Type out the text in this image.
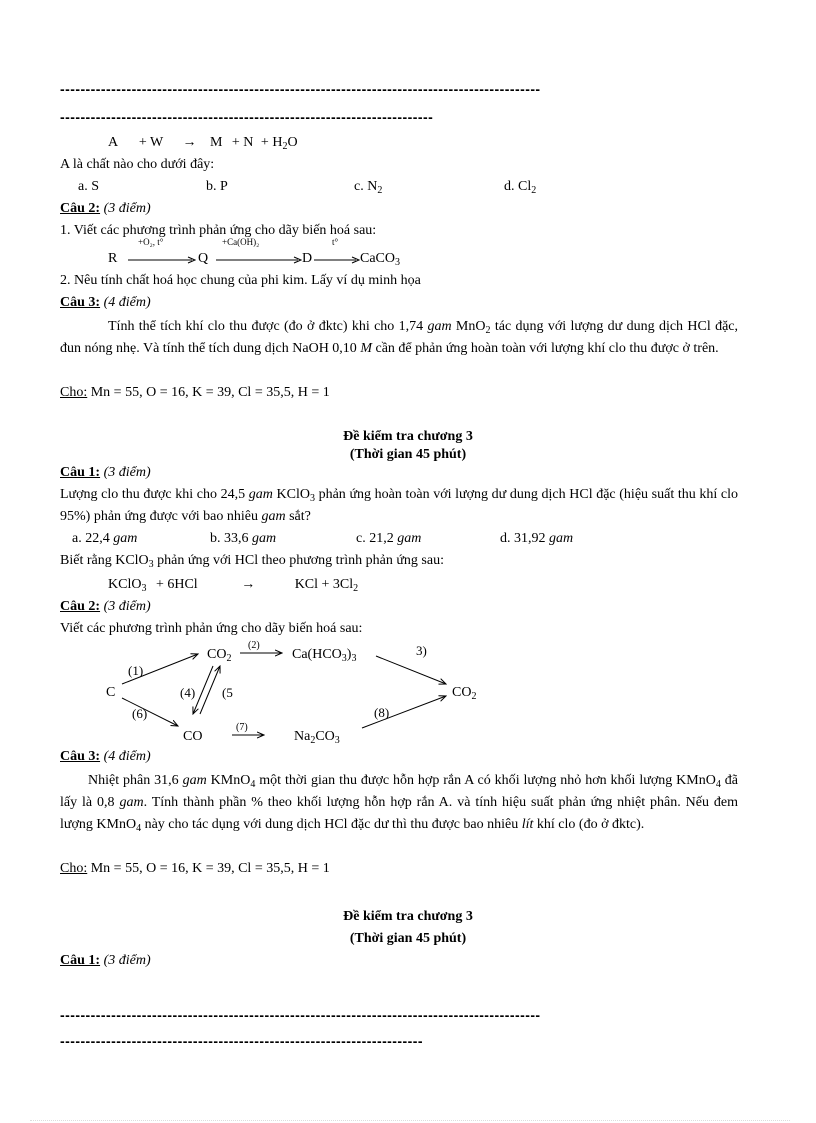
----------------------------------------------------------------------------------------------
-------------------------------------------------------------------------
$A + W \to M + N + H_2O$
A là chất nào cho dưới đây:
a. S	b. P	c. $N_2$	d. $Cl_2$
Câu 2: (3 điểm)
1. Viết các phương trình phản ứng cho dãy biến hoá sau:
R
+O₂, t°
Q
+Ca(OH)₂
D
t°
CaCO$_3$
2. Nêu tính chất hoá học chung của phi kim. Lấy ví dụ minh họa
Câu 3: (4 điểm)
Tính thể tích khí clo thu được (đo ở đktc) khi cho 1,74 gam MnO$_2$ tác dụng với lượng dư dung dịch HCl đặc, đun nóng nhẹ. Và tính thể tích dung dịch NaOH 0,10 M cần để phản ứng hoàn toàn với lượng khí clo thu được ở trên.
Cho: Mn = 55, O = 16, K = 39, Cl = 35,5, H = 1
Đề kiểm tra chương 3
(Thời gian 45 phút)
Câu 1: (3 điểm)
Lượng clo thu được khi cho 24,5 gam KClO$_3$ phản ứng hoàn toàn với lượng dư dung dịch HCl đặc (hiệu suất thu khí clo 95%) phản ứng được với bao nhiêu gam sắt?
a. 22,4 gam	b. 33,6 gam	c. 21,2 gam	d. 31,92 gam
Biết rằng KClO$_3$ phản ứng với HCl theo phương trình phản ứng sau:
KClO$_3$ + 6HCl	→	KCl + $3Cl_2$
Câu 2: (3 điểm)
Viết các phương trình phản ứng cho dãy biến hoá sau:
C
$CO_2$	$Ca(HCO_3)_3$
$CO_2$
CO	$Na_2CO_3$
(1)
(2)	3)
(4) (5
(6)
(7)
(8)
Câu 3: (4 điểm)
Nhiệt phân 31,6 gam KMnO$_4$ một thời gian thu được hỗn hợp rắn A có khối lượng nhỏ hơn khối lượng KMnO$_4$ đã lấy là 0,8 gam. Tính thành phần % theo khối lượng hỗn hợp rắn A. và tính hiệu suất phản ứng nhiệt phân. Nếu đem lượng KMnO$_4$ này cho tác dụng với dung dịch HCl đặc dư thì thu được bao nhiêu lít khí clo (đo ở đktc).
Cho: Mn = 55, O = 16, K = 39, Cl = 35,5, H = 1
Đề kiểm tra chương 3
(Thời gian 45 phút)
Câu 1: (3 điểm)
----------------------------------------------------------------------------------------------
-----------------------------------------------------------------------
